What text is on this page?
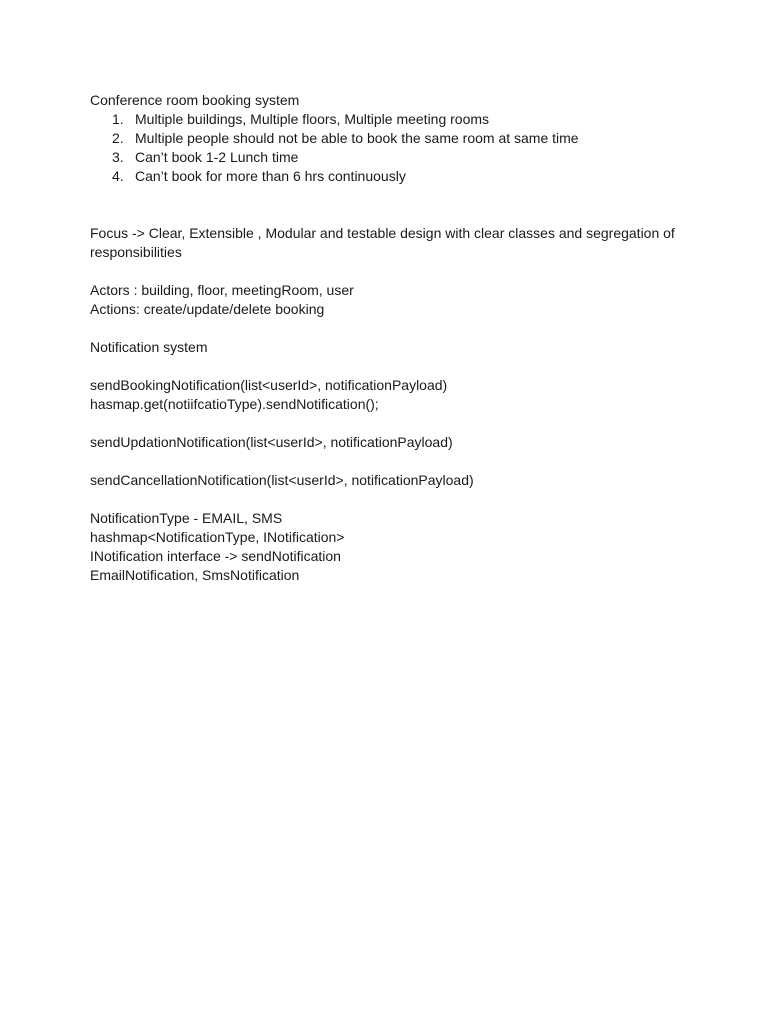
Conference room booking system
1. Multiple buildings, Multiple floors, Multiple meeting rooms
2. Multiple people should not be able to book the same room at same time
3. Can’t book 1-2 Lunch time
4. Can’t book for more than 6 hrs continuously
Focus -> Clear, Extensible , Modular and testable design with clear classes and segregation of responsibilities
Actors : building, floor, meetingRoom, user
Actions: create/update/delete booking
Notification system
sendBookingNotification(list<userId>, notificationPayload)
hasmap.get(notiifcatioType).sendNotification();
sendUpdationNotification(list<userId>, notificationPayload)
sendCancellationNotification(list<userId>, notificationPayload)
NotificationType - EMAIL, SMS
hashmap<NotificationType, INotification>
INotification interface -> sendNotification
EmailNotification, SmsNotification
